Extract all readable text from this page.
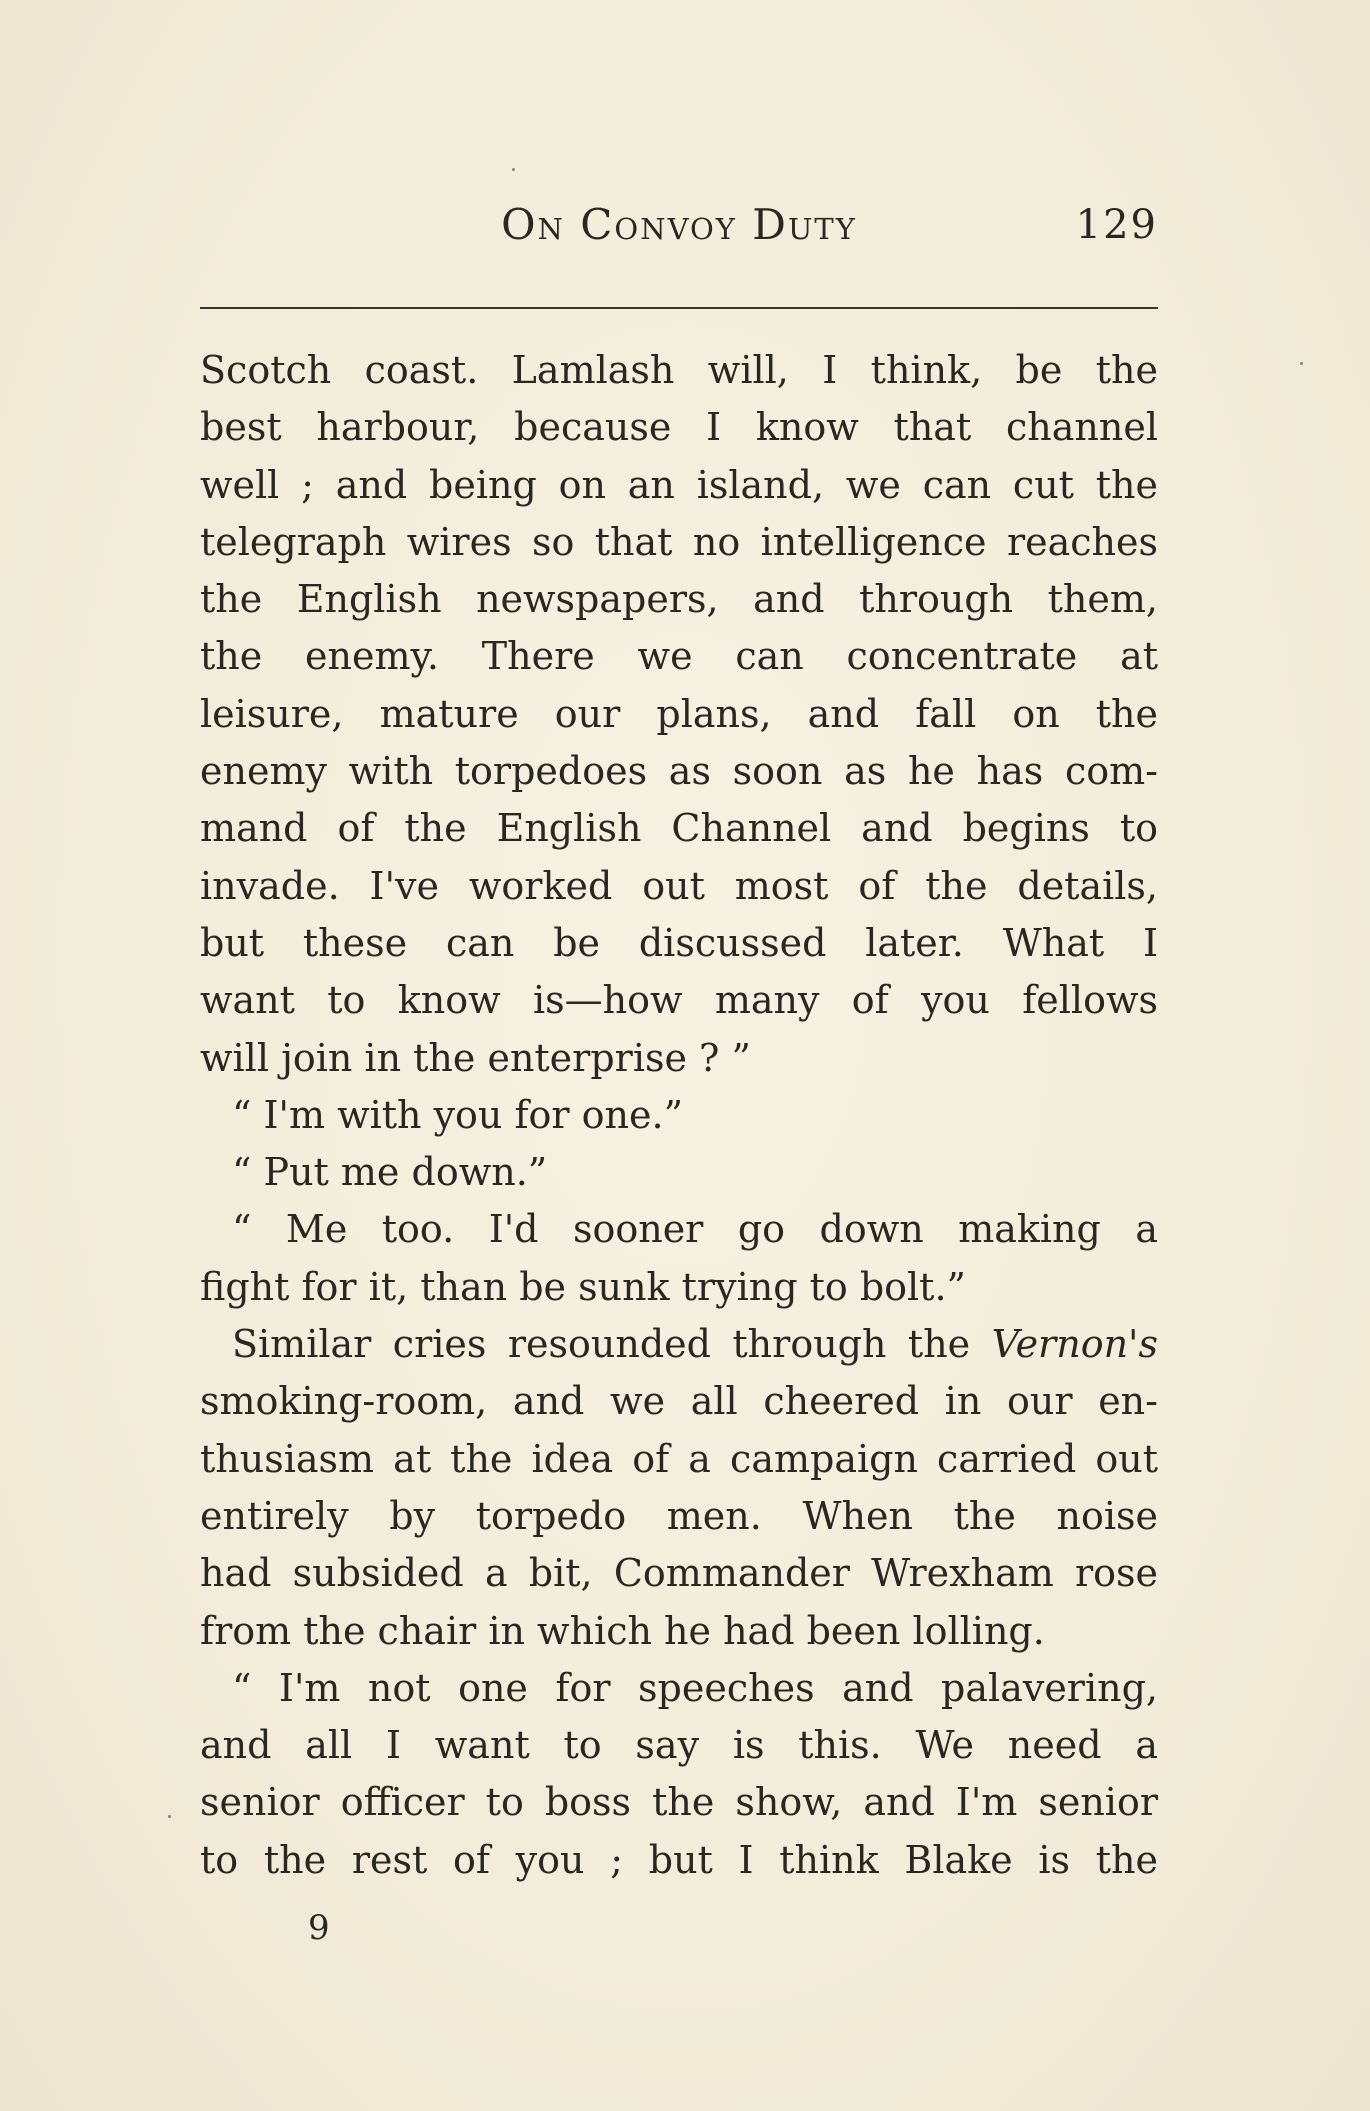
On Convoy Duty	129
Scotch coast. Lamlash will, I think, be the
best harbour, because I know that channel
well ; and being on an island, we can cut the
telegraph wires so that no intelligence reaches
the English newspapers, and through them,
the enemy. There we can concentrate at
leisure, mature our plans, and fall on the
enemy with torpedoes as soon as he has com-
mand of the English Channel and begins to
invade. I've worked out most of the details,
but these can be discussed later. What I
want to know is—how many of you fellows
will join in the enterprise ? ”
“ I'm with you for one.”
“ Put me down.”
“ Me too. I'd sooner go down making a
fight for it, than be sunk trying to bolt.”
Similar cries resounded through the Vernon's
smoking-room, and we all cheered in our en-
thusiasm at the idea of a campaign carried out
entirely by torpedo men. When the noise
had subsided a bit, Commander Wrexham rose
from the chair in which he had been lolling.
“ I'm not one for speeches and palavering,
and all I want to say is this. We need a
senior officer to boss the show, and I'm senior
to the rest of you ; but I think Blake is the
9
